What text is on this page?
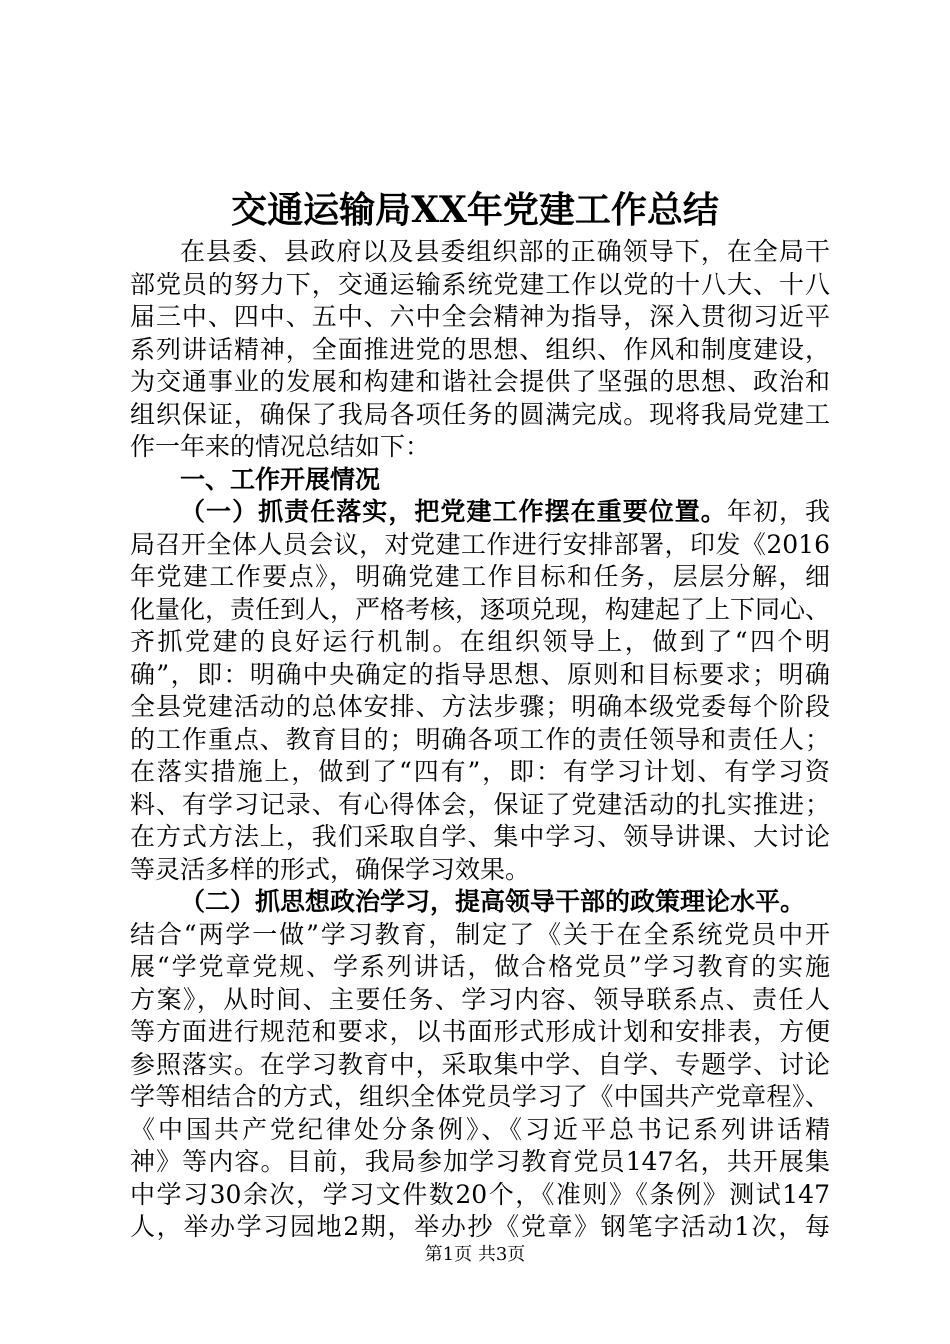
交通运输局XX年党建工作总结
在县委、县政府以及县委组织部的正确领导下，在全局干
部党员的努力下，交通运输系统党建工作以党的十八大、十八
届三中、四中、五中、六中全会精神为指导，深入贯彻习近平
系列讲话精神，全面推进党的思想、组织、作风和制度建设，
为交通事业的发展和构建和谐社会提供了坚强的思想、政治和
组织保证，确保了我局各项任务的圆满完成。现将我局党建工
作一年来的情况总结如下：
一、工作开展情况
（一）抓责任落实，把党建工作摆在重要位置。年初，我
局召开全体人员会议，对党建工作进行安排部署，印发《2016
年党建工作要点》，明确党建工作目标和任务，层层分解，细
化量化，责任到人，严格考核，逐项兑现，构建起了上下同心、
齐抓党建的良好运行机制。在组织领导上，做到了“四个明
确”，即：明确中央确定的指导思想、原则和目标要求；明确
全县党建活动的总体安排、方法步骤；明确本级党委每个阶段
的工作重点、教育目的；明确各项工作的责任领导和责任人；
在落实措施上，做到了“四有”，即：有学习计划、有学习资
料、有学习记录、有心得体会，保证了党建活动的扎实推进；
在方式方法上，我们采取自学、集中学习、领导讲课、大讨论
等灵活多样的形式，确保学习效果。
（二）抓思想政治学习，提高领导干部的政策理论水平。
结合“两学一做”学习教育，制定了《关于在全系统党员中开
展“学党章党规、学系列讲话，做合格党员”学习教育的实施
方案》，从时间、主要任务、学习内容、领导联系点、责任人
等方面进行规范和要求，以书面形式形成计划和安排表，方便
参照落实。在学习教育中，采取集中学、自学、专题学、讨论
学等相结合的方式，组织全体党员学习了《中国共产党章程》、
《中国共产党纪律处分条例》、《习近平总书记系列讲话精
神》等内容。目前，我局参加学习教育党员147名，共开展集
中学习30余次，学习文件数20个，《准则》《条例》测试147
人，举办学习园地2期，举办抄《党章》钢笔字活动1次，每
第1页 共3页
